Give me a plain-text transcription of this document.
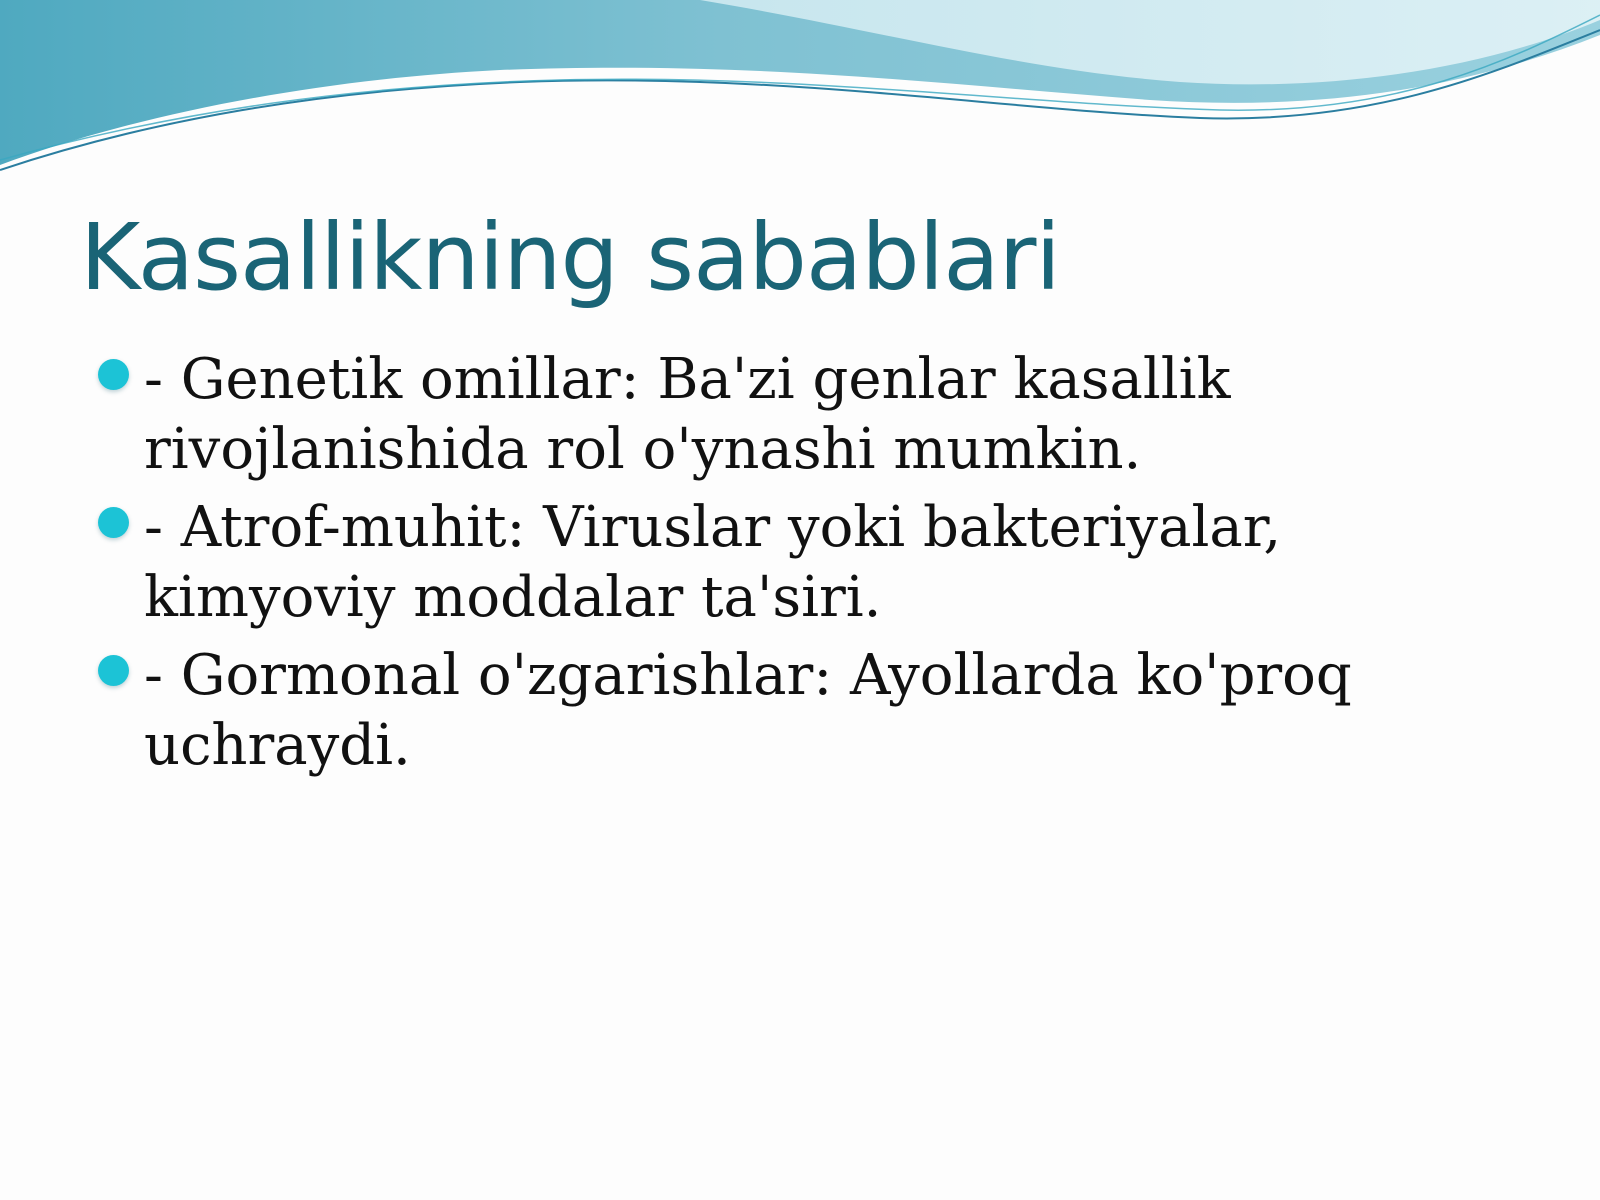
Kasallikning sabablari
- Genetik omillar: Ba'zi genlar kasallik rivojlanishida rol o'ynashi mumkin.
- Atrof-muhit: Viruslar yoki bakteriyalar, kimyoviy moddalar ta'siri.
- Gormonal o'zgarishlar: Ayollarda ko'proq uchraydi.
